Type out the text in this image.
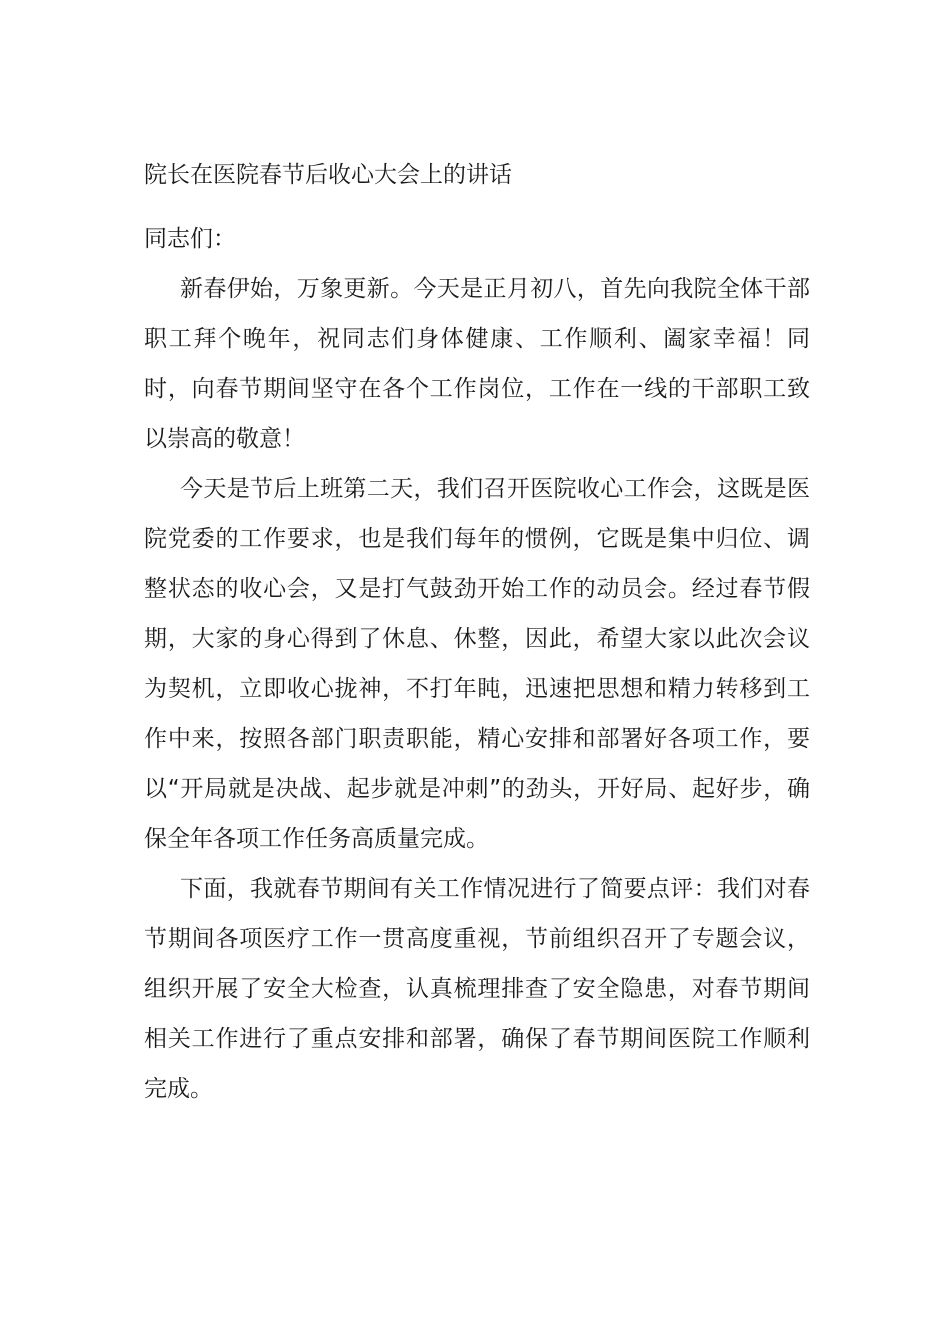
院长在医院春节后收心大会上的讲话
同志们：

新春伊始，万象更新。今天是正月初八，首先向我院全体干部职工拜个晚年，祝同志们身体健康、工作顺利、阖家幸福！同时，向春节期间坚守在各个工作岗位，工作在一线的干部职工致以崇高的敬意！

今天是节后上班第二天，我们召开医院收心工作会，这既是医院党委的工作要求，也是我们每年的惯例，它既是集中归位、调整状态的收心会，又是打气鼓劲开始工作的动员会。经过春节假期，大家的身心得到了休息、休整，因此，希望大家以此次会议为契机，立即收心拢神，不打年盹，迅速把思想和精力转移到工作中来，按照各部门职责职能，精心安排和部署好各项工作，要以“开局就是决战、起步就是冲刺”的劲头，开好局、起好步，确保全年各项工作任务高质量完成。

下面，我就春节期间有关工作情况进行了简要点评：我们对春节期间各项医疗工作一贯高度重视，节前组织召开了专题会议，组织开展了安全大检查，认真梳理排查了安全隐患，对春节期间相关工作进行了重点安排和部署，确保了春节期间医院工作顺利完成。
